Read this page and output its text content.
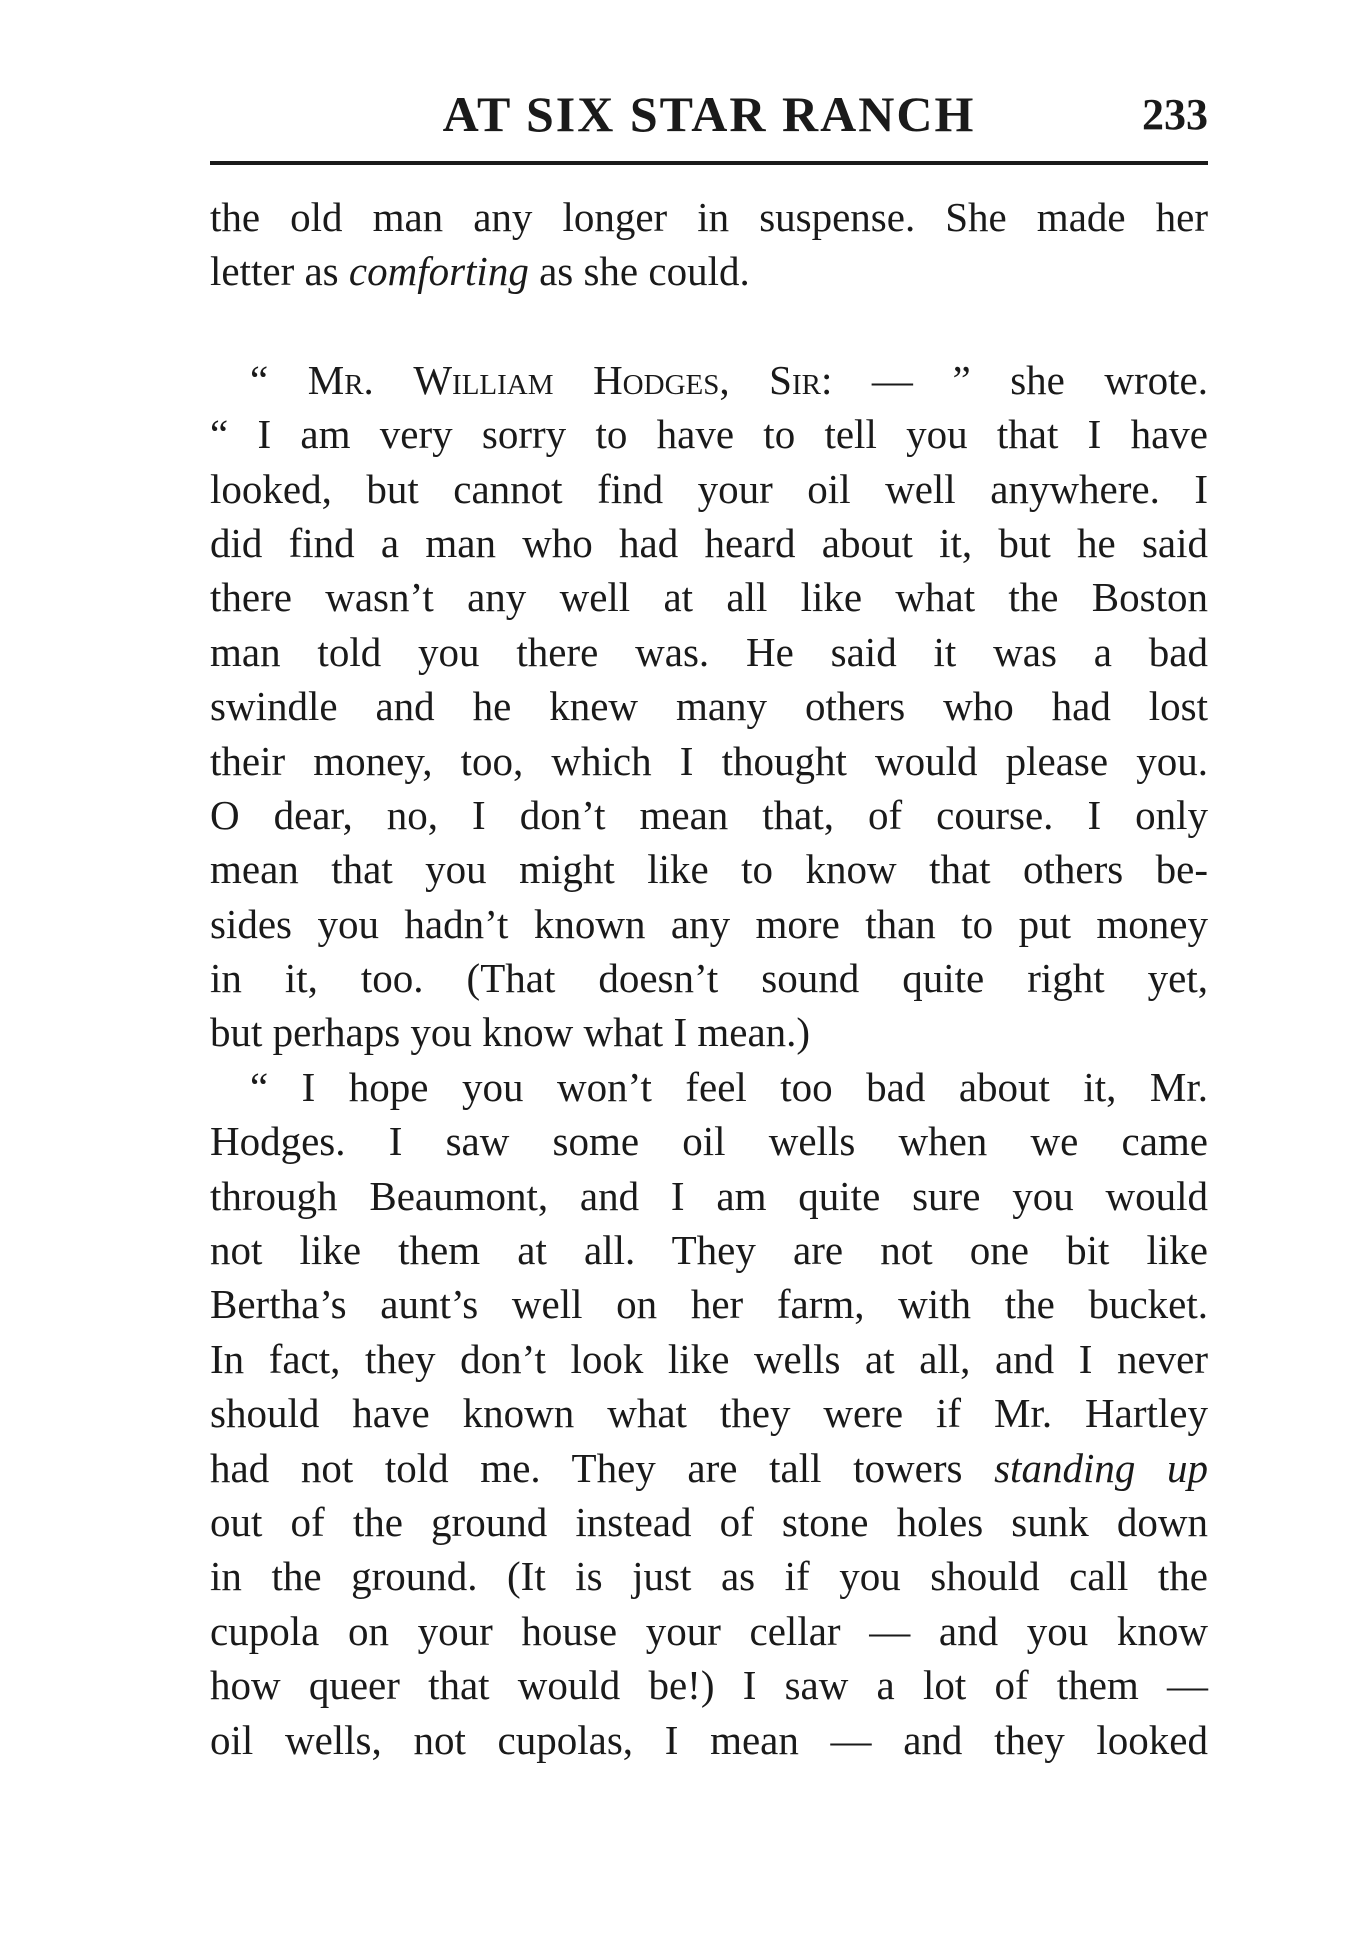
AT SIX STAR RANCH	233
the old man any longer in suspense. She made her
letter as comforting as she could.
“ Mr. William Hodges, Sir: — ” she wrote.
“ I am very sorry to have to tell you that I have
looked, but cannot find your oil well anywhere. I
did find a man who had heard about it, but he said
there wasn’t any well at all like what the Boston
man told you there was. He said it was a bad
swindle and he knew many others who had lost
their money, too, which I thought would please you.
O dear, no, I don’t mean that, of course. I only
mean that you might like to know that others be-
sides you hadn’t known any more than to put money
in it, too. (That doesn’t sound quite right yet,
but perhaps you know what I mean.)
“ I hope you won’t feel too bad about it, Mr.
Hodges. I saw some oil wells when we came
through Beaumont, and I am quite sure you would
not like them at all. They are not one bit like
Bertha’s aunt’s well on her farm, with the bucket.
In fact, they don’t look like wells at all, and I never
should have known what they were if Mr. Hartley
had not told me. They are tall towers standing up
out of the ground instead of stone holes sunk down
in the ground. (It is just as if you should call the
cupola on your house your cellar — and you know
how queer that would be!) I saw a lot of them —
oil wells, not cupolas, I mean — and they looked
